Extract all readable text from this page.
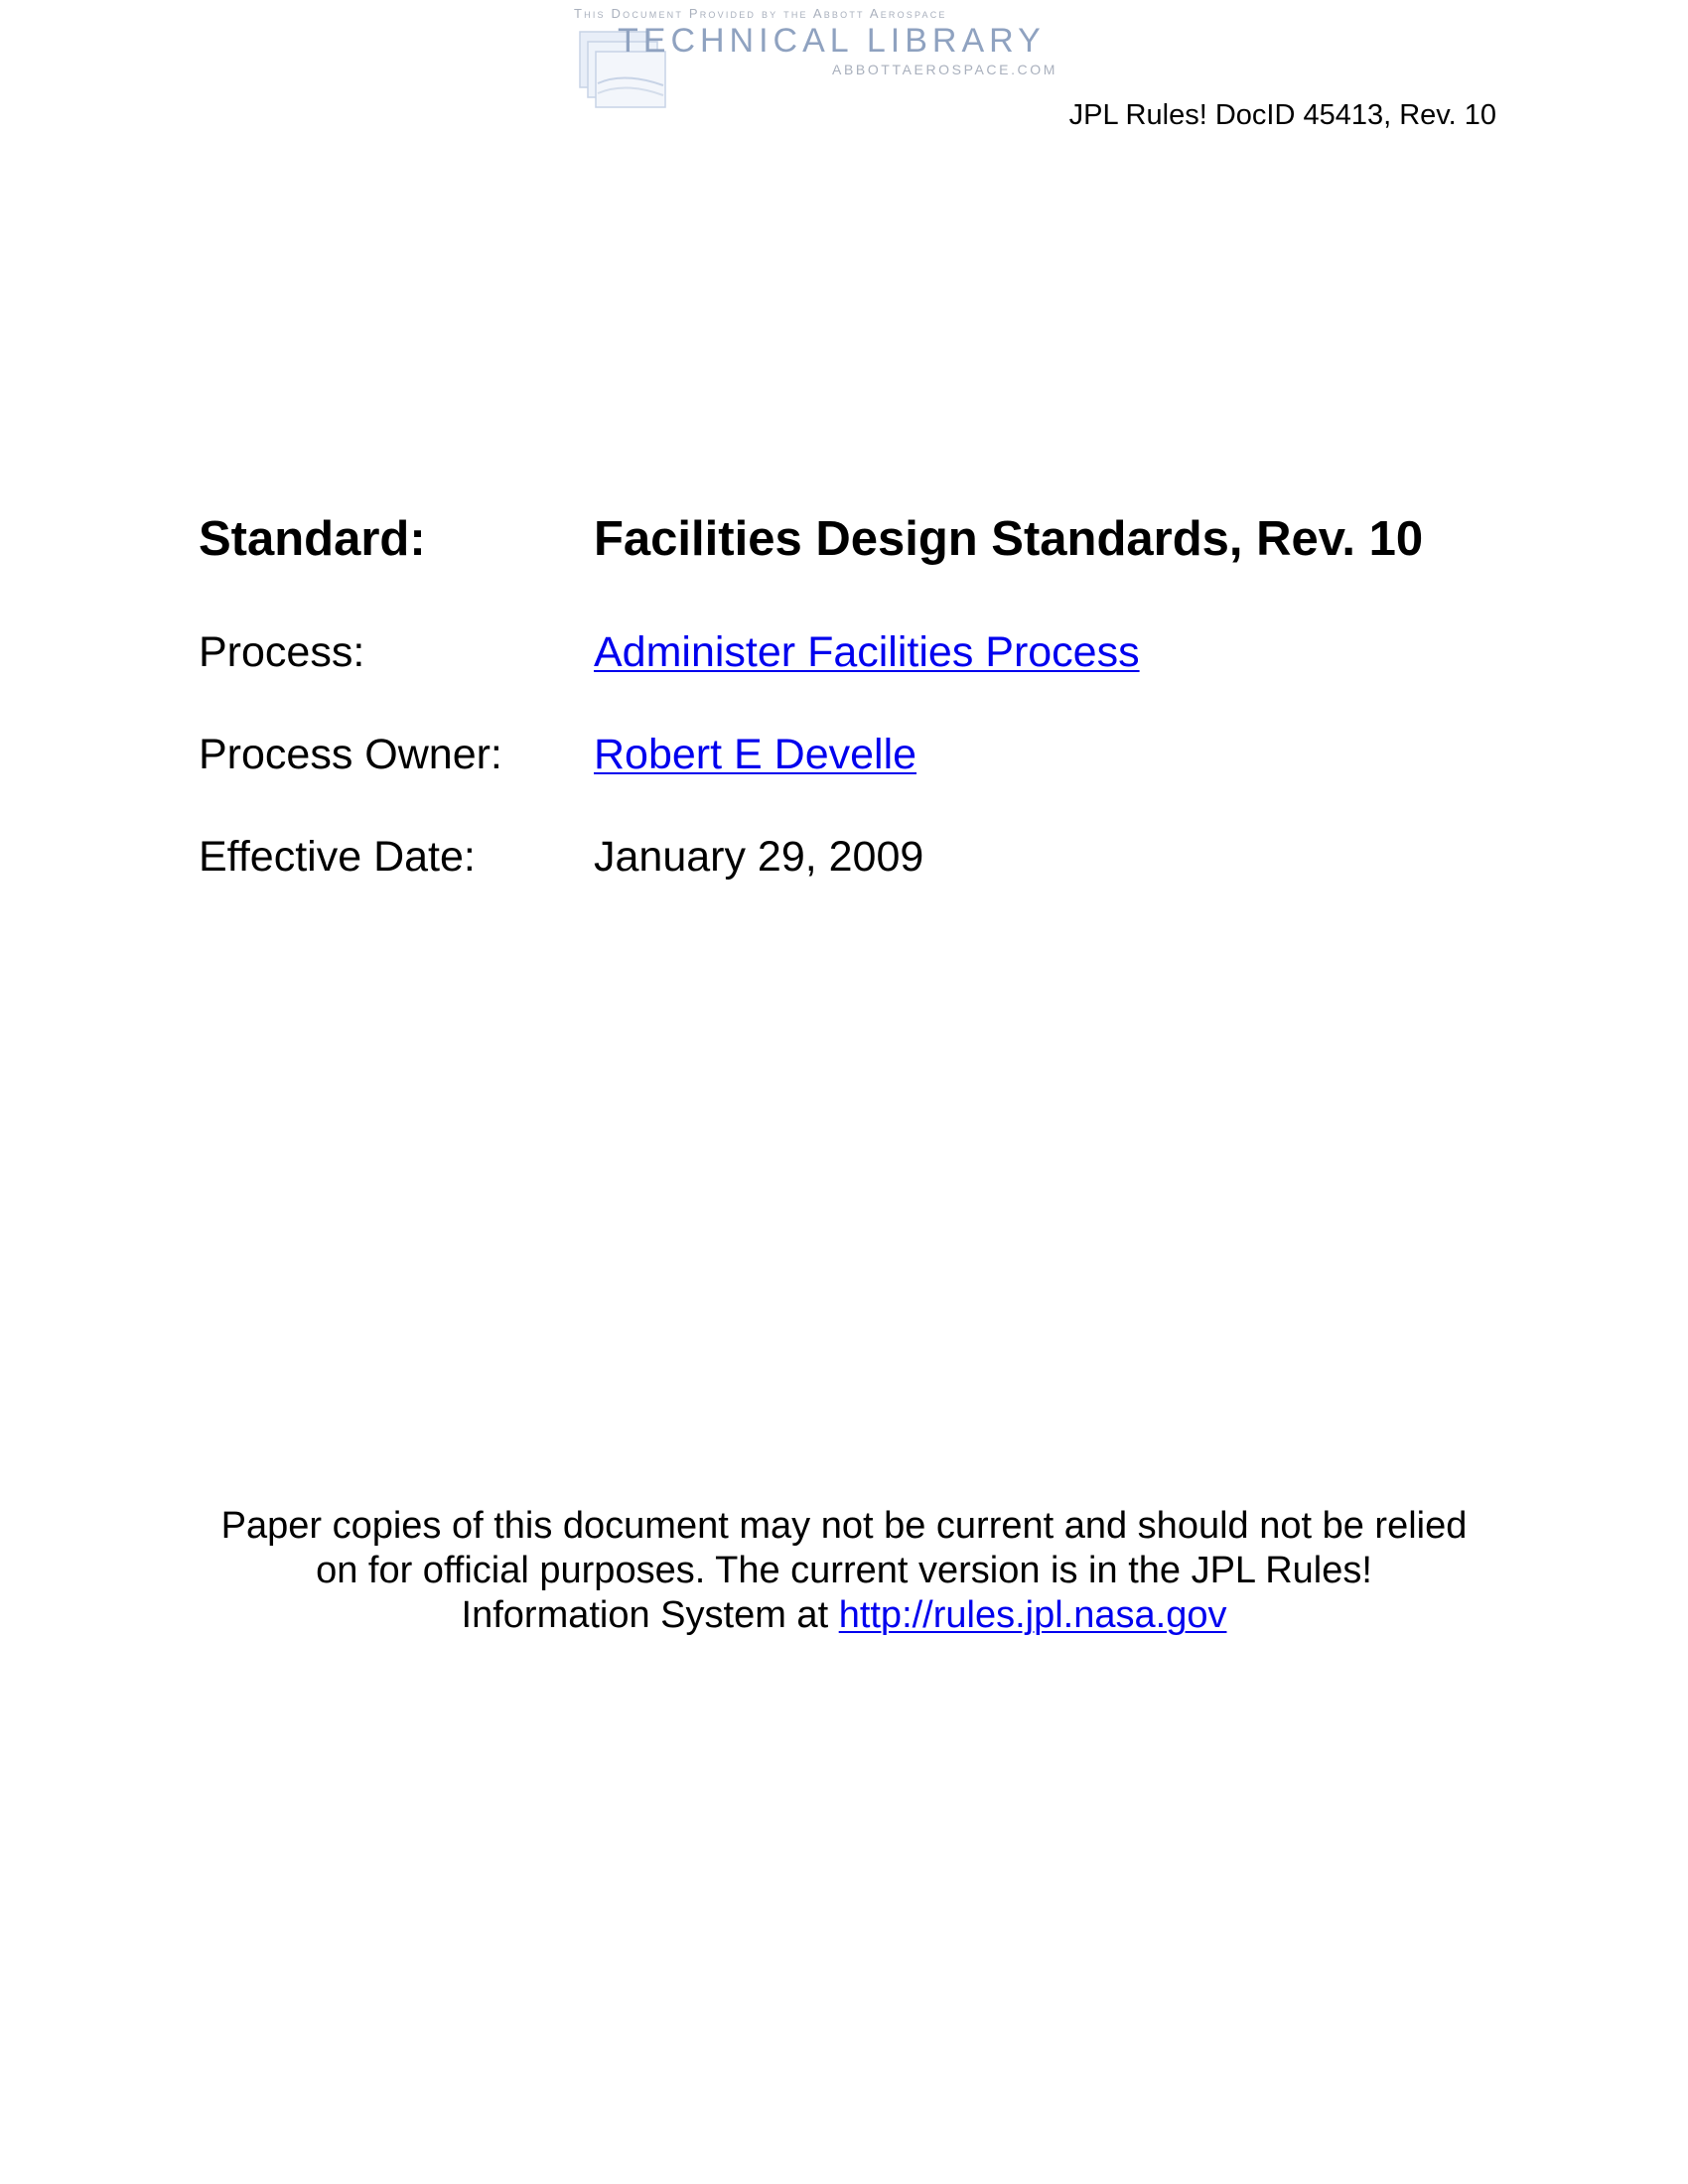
This Document Provided by the Abbott Aerospace
TECHNICAL LIBRARY
ABBOTTAEROSPACE.COM
JPL Rules! DocID 45413, Rev. 10
Standard:	Facilities Design Standards, Rev. 10
Process:	Administer Facilities Process
Process Owner: Robert E Develle
Effective Date:	January 29, 2009
Paper copies of this document may not be current and should not be relied
on for official purposes. The current version is in the JPL Rules!
Information System at http://rules.jpl.nasa.gov
